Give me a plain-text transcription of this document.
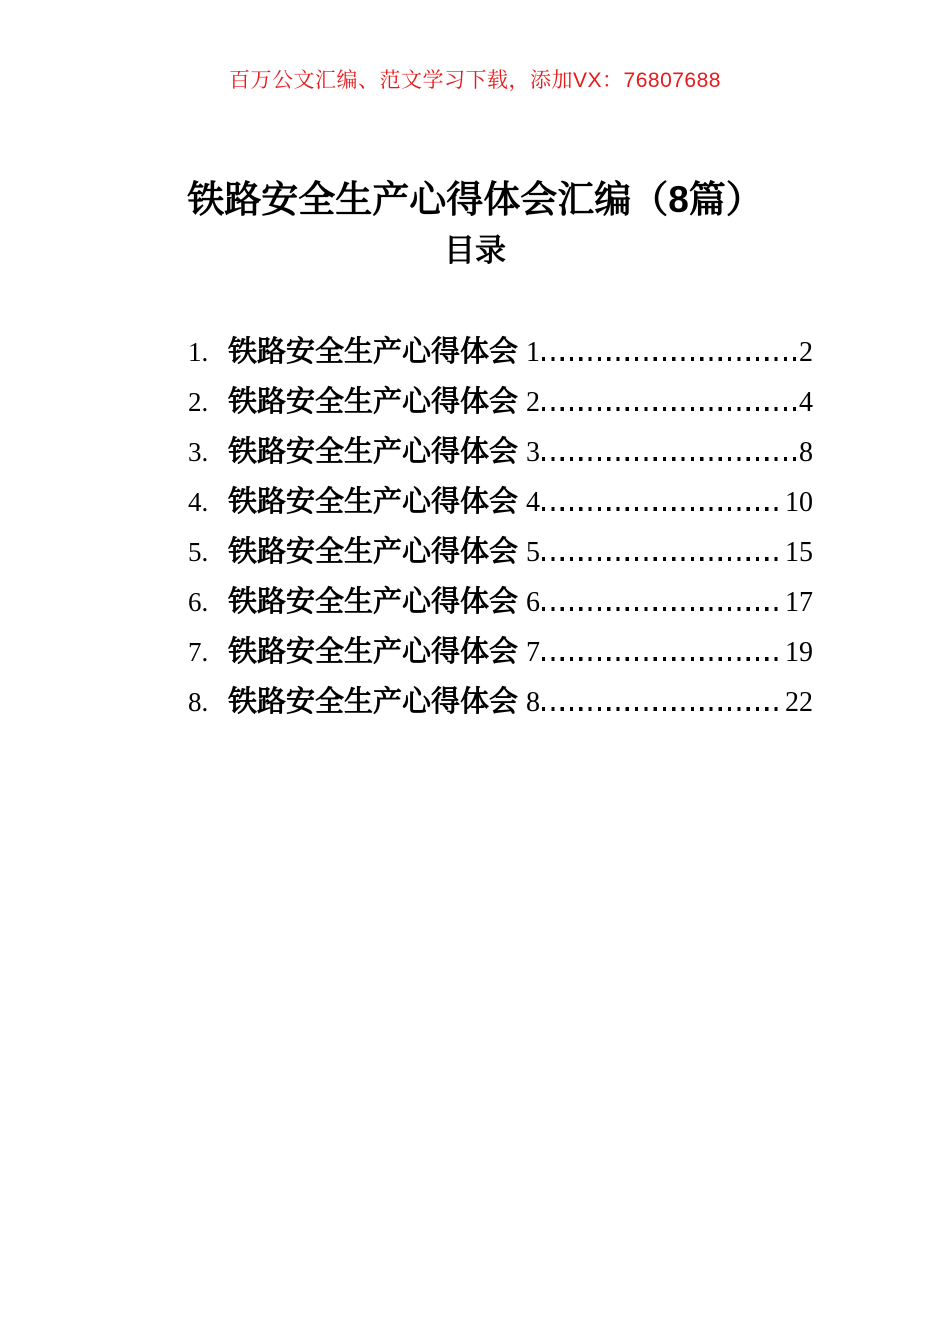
百万公文汇编、范文学习下载，添加VX：76807688
铁路安全生产心得体会汇编（8篇）
目录
1. 铁路安全生产心得体会 1	2
2. 铁路安全生产心得体会 2	4
3. 铁路安全生产心得体会 3	8
4. 铁路安全生产心得体会 4	10
5. 铁路安全生产心得体会 5	15
6. 铁路安全生产心得体会 6	17
7. 铁路安全生产心得体会 7	19
8. 铁路安全生产心得体会 8	22
